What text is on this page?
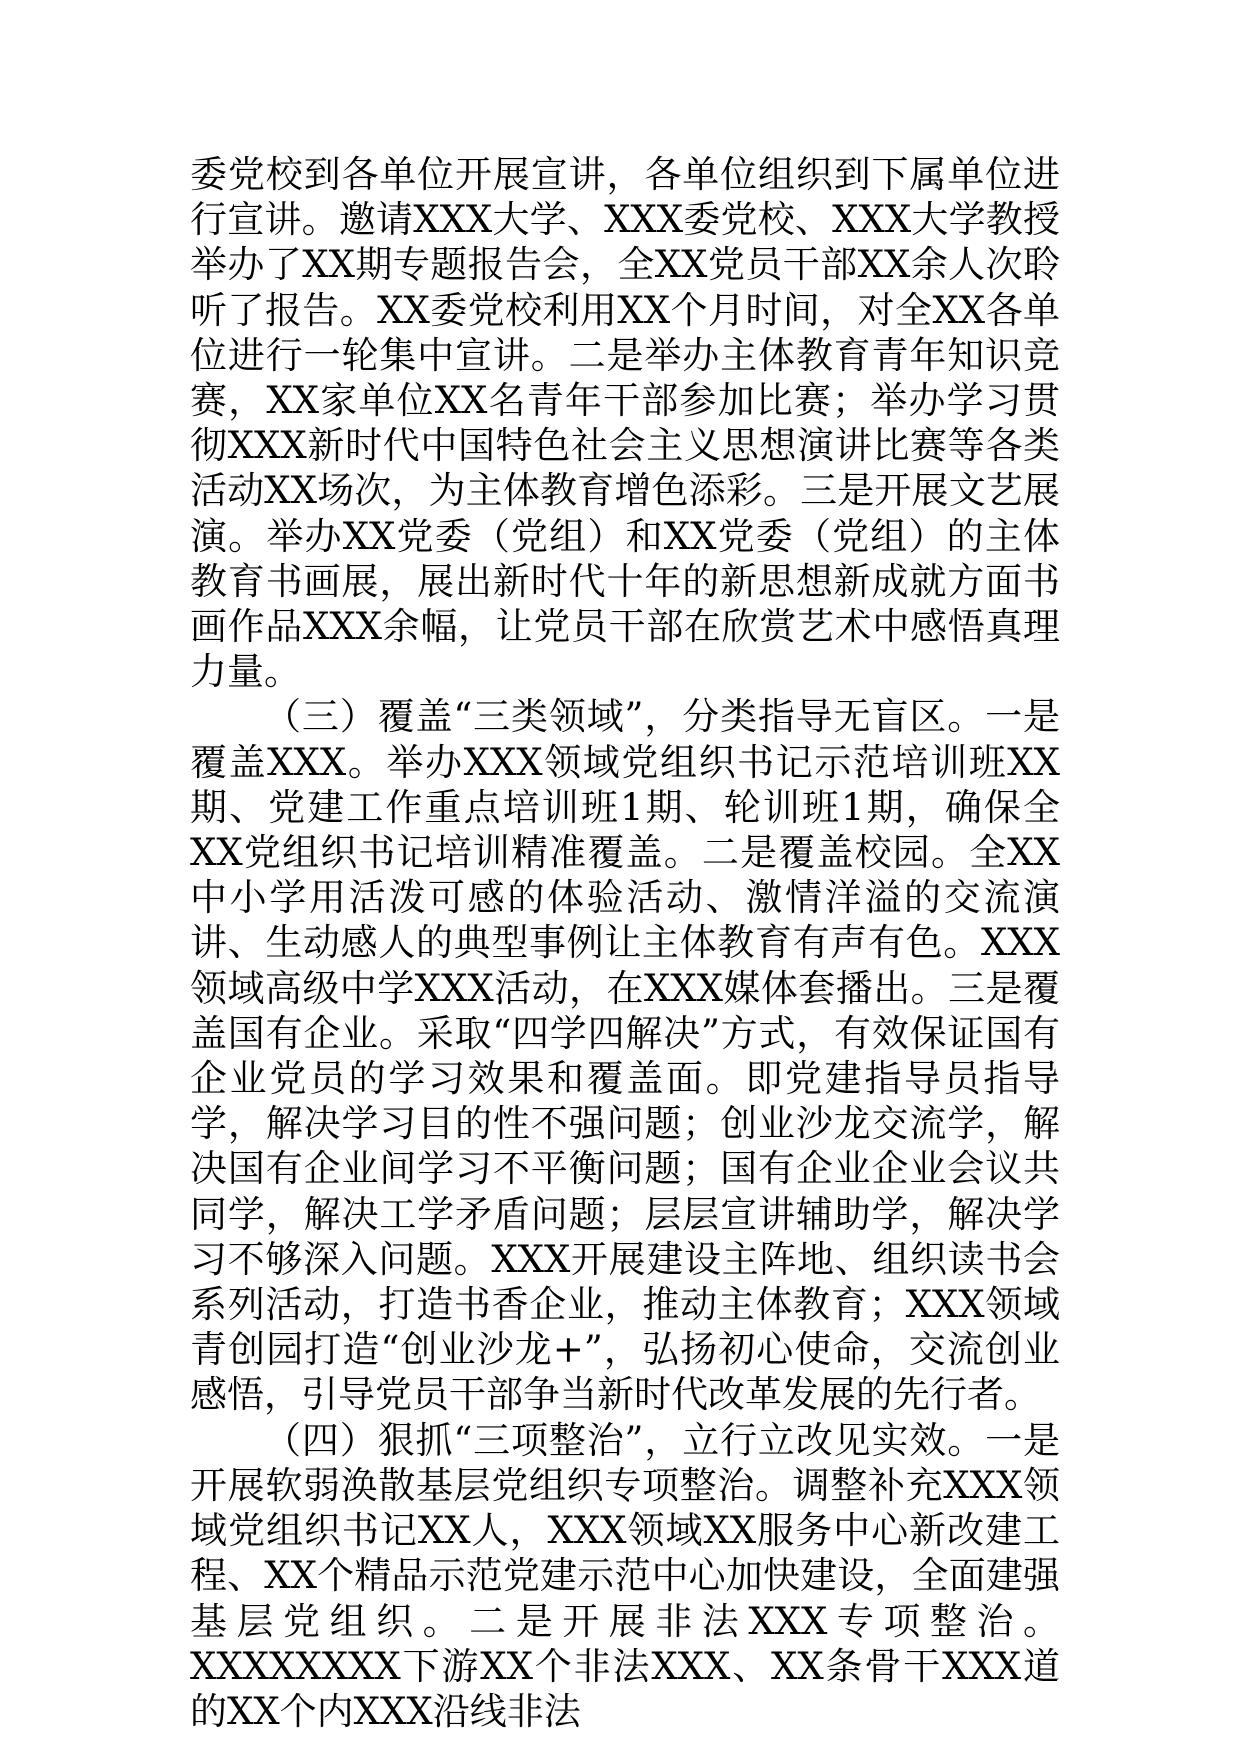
委党校到各单位开展宣讲，各单位组织到下属单位进行宣讲。邀请XXX大学、XXX委党校、XXX大学教授举办了XX期专题报告会，全XX党员干部XX余人次聆听了报告。XX委党校利用XX个月时间，对全XX各单位进行一轮集中宣讲。二是举办主体教育青年知识竞赛，XX家单位XX名青年干部参加比赛；举办学习贯彻XXX新时代中国特色社会主义思想演讲比赛等各类活动XX场次，为主体教育增色添彩。三是开展文艺展演。举办XX党委（党组）和XX党委（党组）的主体教育书画展，展出新时代十年的新思想新成就方面书画作品XXX余幅，让党员干部在欣赏艺术中感悟真理力量。

（三）覆盖“三类领域”，分类指导无盲区。一是覆盖XXX。举办XXX领域党组织书记示范培训班XX期、党建工作重点培训班1期、轮训班1期，确保全XX党组织书记培训精准覆盖。二是覆盖校园。全XX中小学用活泼可感的体验活动、激情洋溢的交流演讲、生动感人的典型事例让主体教育有声有色。XXX领域高级中学XXX活动，在XXX媒体套播出。三是覆盖国有企业。采取“四学四解决”方式，有效保证国有企业党员的学习效果和覆盖面。即党建指导员指导学，解决学习目的性不强问题；创业沙龙交流学，解决国有企业间学习不平衡问题；国有企业企业会议共同学，解决工学矛盾问题；层层宣讲辅助学，解决学习不够深入问题。XXX开展建设主阵地、组织读书会系列活动，打造书香企业，推动主体教育；XXX领域青创园打造“创业沙龙+”，弘扬初心使命，交流创业感悟，引导党员干部争当新时代改革发展的先行者。

（四）狠抓“三项整治”，立行立改见实效。一是开展软弱涣散基层党组织专项整治。调整补充XXX领域党组织书记XX人，XXX领域XX服务中心新改建工程、XX个精品示范党建示范中心加快建设，全面建强基层党组织。二是开展非法XXX专项整治。XXXXXXXX下游XX个非法XXX、XX条骨干XXX道的XX个内XXX沿线非法
